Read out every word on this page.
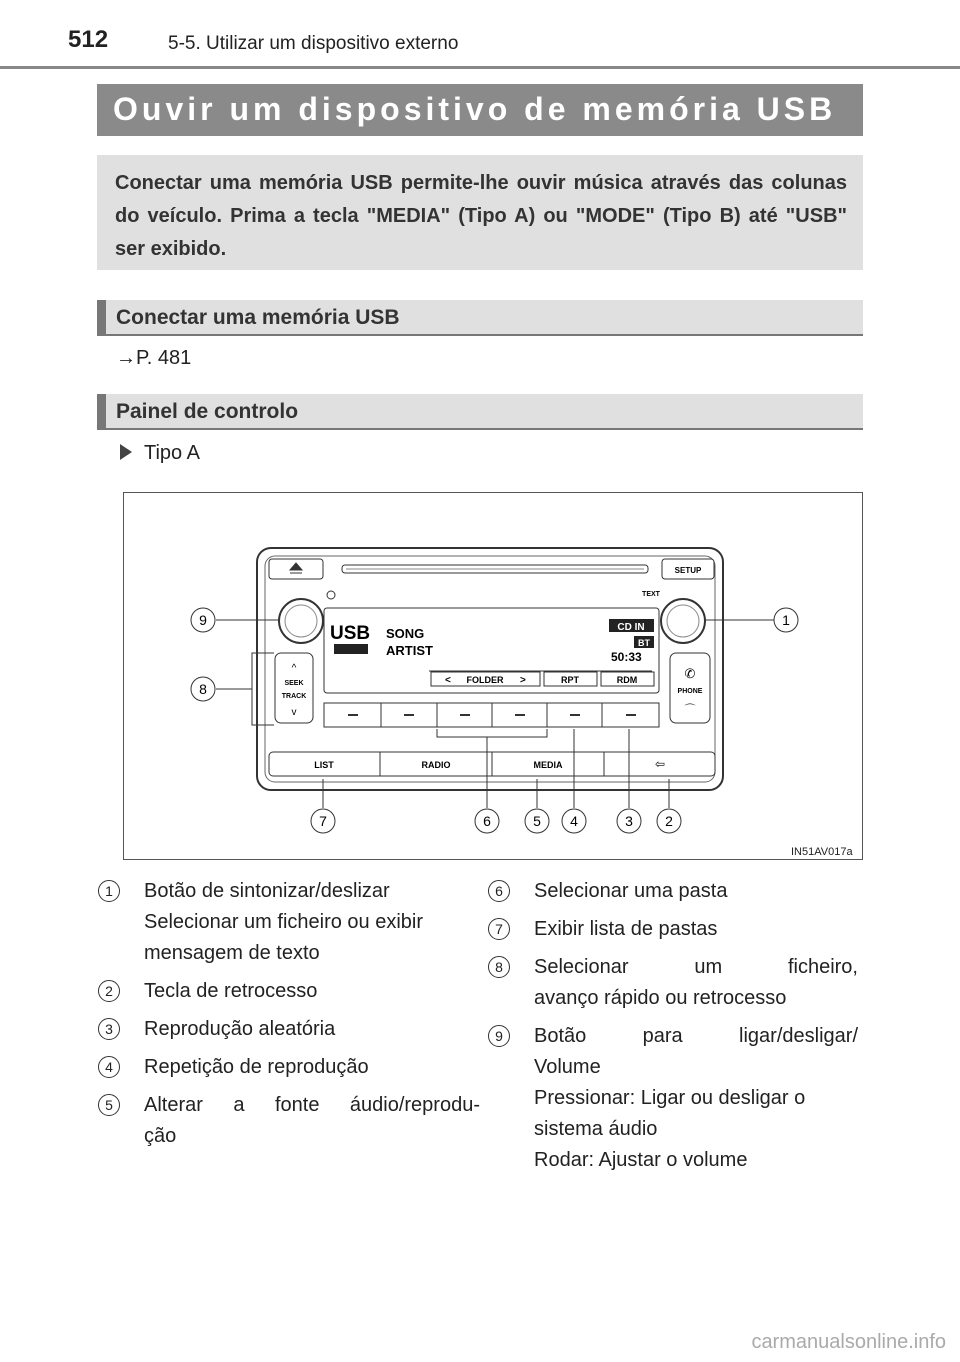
512	5-5. Utilizar um dispositivo externo
Ouvir um dispositivo de memória USB

Conectar uma memória USB permite-lhe ouvir música através das colunas do veículo. Prima a tecla "MEDIA" (Tipo A) ou "MODE" (Tipo B) até "USB" ser exibido.

Conectar uma memória USB
→P. 481
Painel de controlo
Tipo A
SETUP
TEXT
USB SONG
ARTIST
CD IN
BT
50:33
FOLDER
<	>	RPT	RDM
^
SEEK
TRACK
v
✆
PHONE
⌒
LIST	RADIO	MEDIA	⇦
9	1
8
7	6	5 4	3 2
IN51AV017a
1	Botão de sintonizar/deslizar
Selecionar um ficheiro ou exibir
mensagem de texto
2	Tecla de retrocesso
3	Reprodução aleatória
4	Repetição de reprodução
5	Alterar a fonte áudio/reprodu-
ção
6	Selecionar uma pasta
7	Exibir lista de pastas
8	Selecionar um ficheiro,
avanço rápido ou retrocesso
9	Botão para ligar/desligar/
Volume
Pressionar: Ligar ou desligar o
sistema áudio
Rodar: Ajustar o volume
carmanualsonline.info
